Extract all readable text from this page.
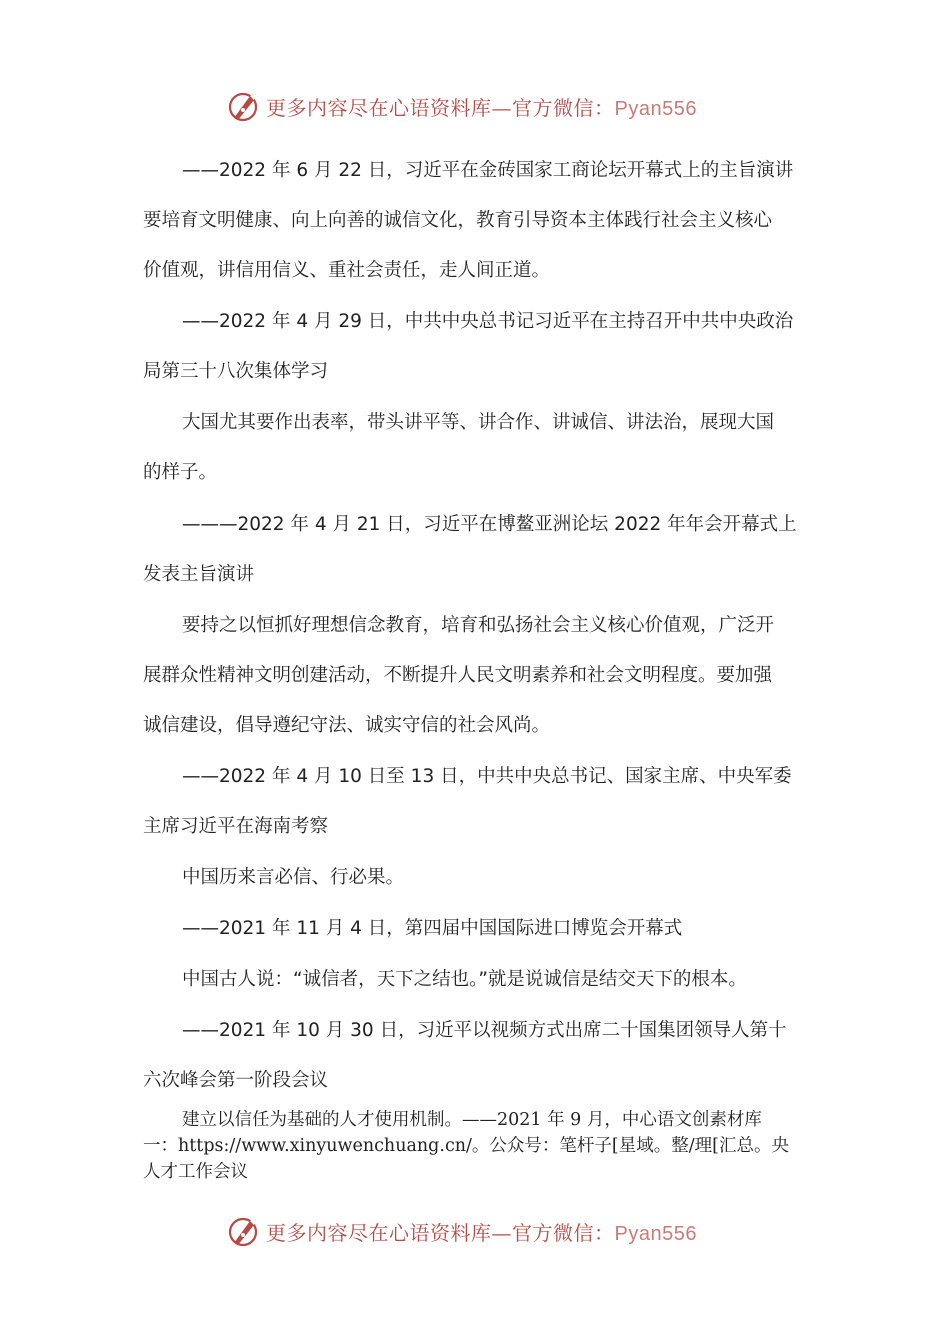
更多内容尽在心语资料库—官方微信：Pyan556
——2022 年 6 月 22 日，习近平在金砖国家工商论坛开幕式上的主旨演讲
要培育文明健康、向上向善的诚信文化，教育引导资本主体践行社会主义核心
价值观，讲信用信义、重社会责任，走人间正道。
——2022 年 4 月 29 日，中共中央总书记习近平在主持召开中共中央政治
局第三十八次集体学习
大国尤其要作出表率，带头讲平等、讲合作、讲诚信、讲法治，展现大国
的样子。
———2022 年 4 月 21 日，习近平在博鳌亚洲论坛 2022 年年会开幕式上
发表主旨演讲
要持之以恒抓好理想信念教育，培育和弘扬社会主义核心价值观，广泛开
展群众性精神文明创建活动，不断提升人民文明素养和社会文明程度。要加强
诚信建设，倡导遵纪守法、诚实守信的社会风尚。
——2022 年 4 月 10 日至 13 日，中共中央总书记、国家主席、中央军委
主席习近平在海南考察
中国历来言必信、行必果。
——2021 年 11 月 4 日，第四届中国国际进口博览会开幕式
中国古人说：“诚信者，天下之结也。”就是说诚信是结交天下的根本。
——2021 年 10 月 30 日，习近平以视频方式出席二十国集团领导人第十
六次峰会第一阶段会议
建立以信任为基础的人才使用机制。——2021 年 9 月，中心语文创素材库
一：https://www.xinyuwenchuang.cn/。公众号：笔杆子[星域。整/理[汇总。央
人才工作会议
更多内容尽在心语资料库—官方微信：Pyan556
